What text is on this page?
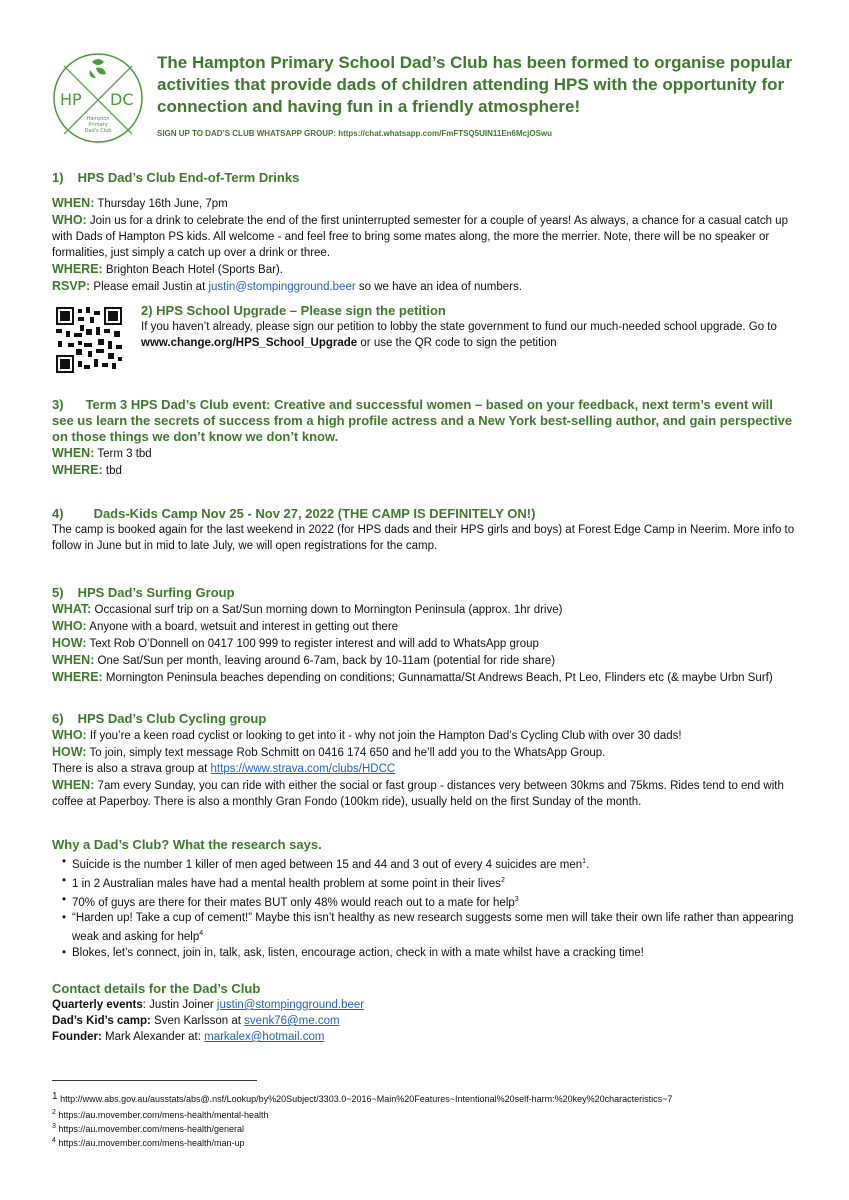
HP DC
Hampton
Primary
Dad's Club
The Hampton Primary School Dad’s Club has been formed to organise popular activities that provide dads of children attending HPS with the opportunity for connection and having fun in a friendly atmosphere!
SIGN UP TO DAD’S CLUB WHATSAPP GROUP: https://chat.whatsapp.com/FmFTSQ5UIN11En6McjOSwu
1) HPS Dad’s Club End-of-Term Drinks
WHEN: Thursday 16th June, 7pm
WHO: Join us for a drink to celebrate the end of the first uninterrupted semester for a couple of years! As always, a chance for a casual catch up with Dads of Hampton PS kids. All welcome - and feel free to bring some mates along, the more the merrier. Note, there will be no speaker or formalities, just simply a catch up over a drink or three.
WHERE: Brighton Beach Hotel (Sports Bar).
RSVP: Please email Justin at justin@stompingground.beer so we have an idea of numbers.
2) HPS School Upgrade – Please sign the petition
If you haven’t already, please sign our petition to lobby the state government to fund our much-needed school upgrade. Go to www.change.org/HPS_School_Upgrade or use the QR code to sign the petition
3) Term 3 HPS Dad’s Club event: Creative and successful women – based on your feedback, next term’s event will see us learn the secrets of success from a high profile actress and a New York best-selling author, and gain perspective on those things we don’t know we don’t know.
WHEN: Term 3 tbd
WHERE: tbd
4) Dads-Kids Camp Nov 25 - Nov 27, 2022 (THE CAMP IS DEFINITELY ON!)
The camp is booked again for the last weekend in 2022 (for HPS dads and their HPS girls and boys) at Forest Edge Camp in Neerim. More info to follow in June but in mid to late July, we will open registrations for the camp.
5) HPS Dad’s Surfing Group
WHAT: Occasional surf trip on a Sat/Sun morning down to Mornington Peninsula (approx. 1hr drive)
WHO: Anyone with a board, wetsuit and interest in getting out there
HOW: Text Rob O’Donnell on 0417 100 999 to register interest and will add to WhatsApp group
WHEN: One Sat/Sun per month, leaving around 6-7am, back by 10-11am (potential for ride share)
WHERE: Mornington Peninsula beaches depending on conditions; Gunnamatta/St Andrews Beach, Pt Leo, Flinders etc (& maybe Urbn Surf)
6) HPS Dad’s Club Cycling group
WHO: If you’re a keen road cyclist or looking to get into it - why not join the Hampton Dad’s Cycling Club with over 30 dads!
HOW: To join, simply text message Rob Schmitt on 0416 174 650 and he’ll add you to the WhatsApp Group.
There is also a strava group at https://www.strava.com/clubs/HDCC
WHEN: 7am every Sunday, you can ride with either the social or fast group - distances very between 30kms and 75kms. Rides tend to end with coffee at Paperboy. There is also a monthly Gran Fondo (100km ride), usually held on the first Sunday of the month.
Why a Dad’s Club? What the research says.
• Suicide is the number 1 killer of men aged between 15 and 44 and 3 out of every 4 suicides are men$^1$.
• 1 in 2 Australian males have had a mental health problem at some point in their lives$^2$
• 70% of guys are there for their mates BUT only 48% would reach out to a mate for help$^3$
• “Harden up! Take a cup of cement!” Maybe this isn’t healthy as new research suggests some men will take their own life rather than appearing weak and asking for help$^4$
• Blokes, let’s connect, join in, talk, ask, listen, encourage action, check in with a mate whilst have a cracking time!
Contact details for the Dad’s Club
Quarterly events: Justin Joiner justin@stompingground.beer
Dad’s Kid’s camp: Sven Karlsson at svenk76@me.com
Founder: Mark Alexander at: markalex@hotmail.com
1 http://www.abs.gov.au/ausstats/abs@.nsf/Lookup/by%20Subject/3303.0~2016~Main%20Features~Intentional%20self-harm:%20key%20characteristics~7
$^2$ https://au.movember.com/mens-health/mental-health
$^3$ https://au.movember.com/mens-health/general
$^4$ https://au.movember.com/mens-health/man-up
